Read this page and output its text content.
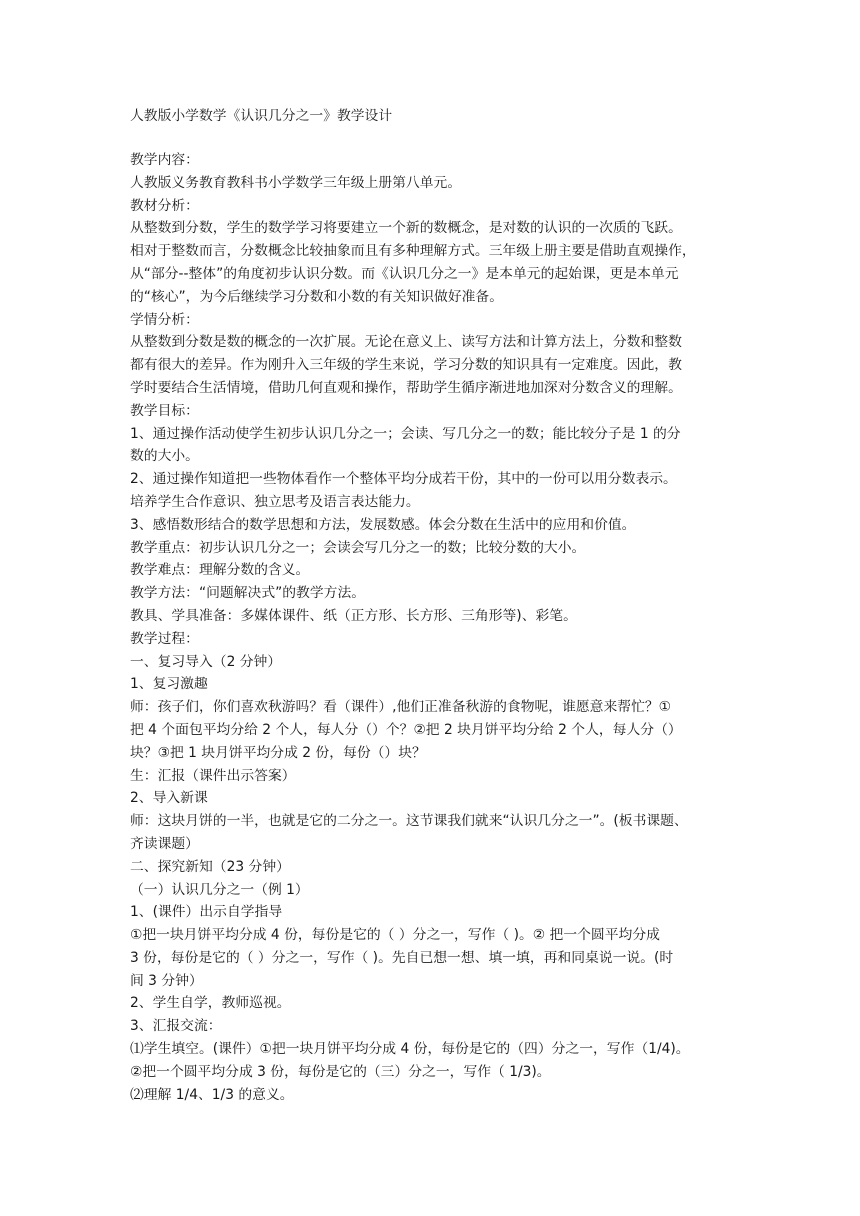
人教版小学数学《认识几分之一》教学设计

教学内容：

人教版义务教育教科书小学数学三年级上册第八单元。

教材分析：

从整数到分数，学生的数学学习将要建立一个新的数概念，是对数的认识的一次质的飞跃。

相对于整数而言，分数概念比较抽象而且有多种理解方式。三年级上册主要是借助直观操作，

从“部分--整体”的角度初步认识分数。而《认识几分之一》是本单元的起始课，更是本单元

的“核心”，为今后继续学习分数和小数的有关知识做好准备。

学情分析：

从整数到分数是数的概念的一次扩展。无论在意义上、读写方法和计算方法上，分数和整数

都有很大的差异。作为刚升入三年级的学生来说，学习分数的知识具有一定难度。因此，教

学时要结合生活情境，借助几何直观和操作，帮助学生循序渐进地加深对分数含义的理解。

教学目标：

1、通过操作活动使学生初步认识几分之一；会读、写几分之一的数；能比较分子是 1 的分

数的大小。

2、通过操作知道把一些物体看作一个整体平均分成若干份，其中的一份可以用分数表示。

培养学生合作意识、独立思考及语言表达能力。

3、感悟数形结合的数学思想和方法，发展数感。体会分数在生活中的应用和价值。

教学重点：初步认识几分之一；会读会写几分之一的数；比较分数的大小。

教学难点：理解分数的含义。

教学方法：“问题解决式”的教学方法。

教具、学具准备：多媒体课件、纸（正方形、长方形、三角形等)、彩笔。

教学过程：

一、复习导入（2 分钟）

1、复习激趣

师：孩子们，你们喜欢秋游吗？看（课件）,他们正准备秋游的食物呢，谁愿意来帮忙？①

把 4 个面包平均分给 2 个人，每人分（）个？②把 2 块月饼平均分给 2 个人，每人分（）

块？③把 1 块月饼平均分成 2 份，每份（）块？

生：汇报（课件出示答案）

2、导入新课

师：这块月饼的一半，也就是它的二分之一。这节课我们就来“认识几分之一”。(板书课题、

齐读课题）

二、探究新知（23 分钟）

（一）认识几分之一（例 1）

1、(课件）出示自学指导

①把一块月饼平均分成 4 份，每份是它的（ ）分之一，写作（ )。② 把一个圆平均分成

3 份，每份是它的（ ）分之一，写作（ )。先自已想一想、填一填，再和同桌说一说。(时

间 3 分钟）

2、学生自学，教师巡视。

3、汇报交流：

⑴学生填空。(课件）①把一块月饼平均分成 4 份，每份是它的（四）分之一，写作（1/4)。

②把一个圆平均分成 3 份，每份是它的（三）分之一，写作（ 1/3)。

⑵理解 1/4、1/3 的意义。
